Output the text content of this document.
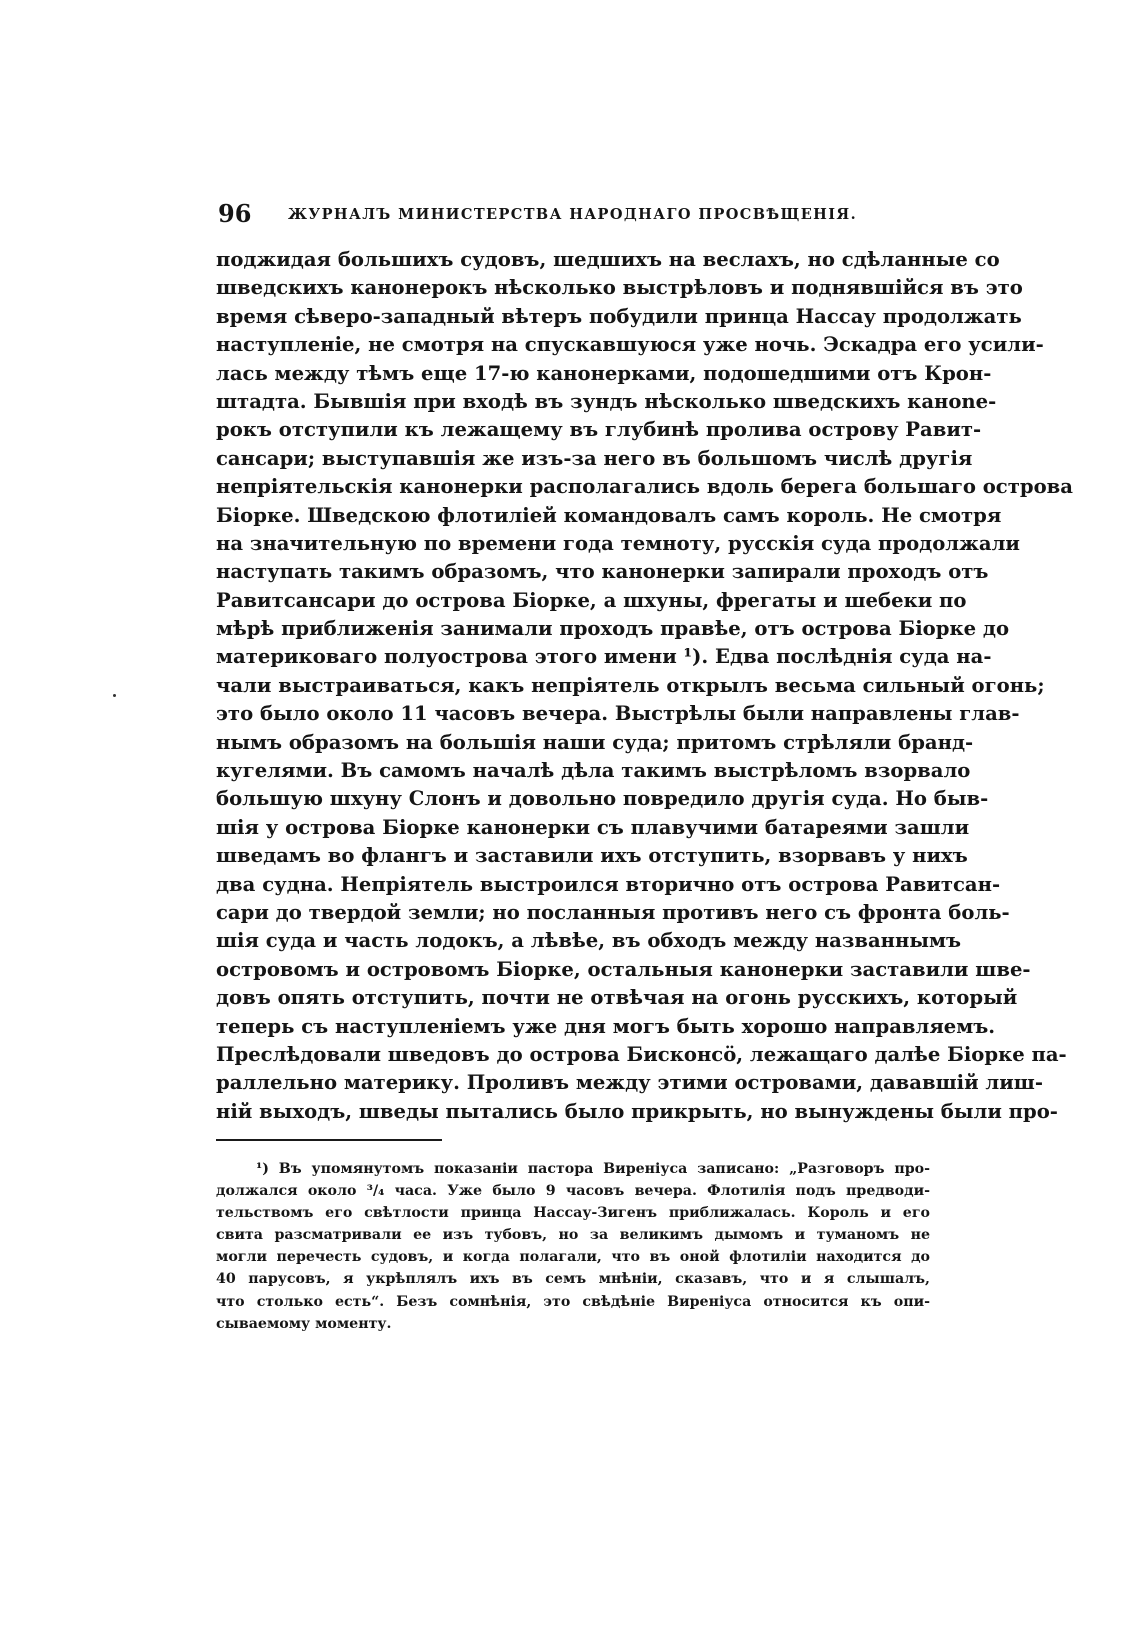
96	ЖУРНАЛЪ МИНИСТЕРСТВА НАРОДНАГО ПРОСВѢЩЕНІЯ.
поджидая большихъ судовъ, шедшихъ на веслахъ, но сдѣланные со
шведскихъ канонерокъ нѣсколько выстрѣловъ и поднявшійся въ это
время сѣверо-западный вѣтеръ побудили принца Нассау продолжать
наступленіе, не смотря на спускавшуюся уже ночь. Эскадра его усили-
лась между тѣмъ еще 17-ю канонерками, подошедшими отъ Крон-
штадта. Бывшія при входѣ въ зундъ нѣсколько шведскихъ канone-
рокъ отступили къ лежащему въ глубинѣ пролива острову Равит-
сансари; выступавшія же изъ-за него въ большомъ числѣ другія
непріятельскія канонерки располагались вдоль берега большаго острова
Біорке. Шведскою флотиліей командовалъ самъ король. Не смотря
на значительную по времени года темноту, русскія суда продолжали
наступать такимъ образомъ, что канонерки запирали проходъ отъ
Равитсансари до острова Біорке, а шхуны, фрегаты и шебеки по
мѣрѣ приближенія занимали проходъ правѣе, отъ острова Біорке до
материковаго полуострова этого имени ¹). Едва послѣднія суда на-
чали выстраиваться, какъ непріятель открылъ весьма сильный огонь;
это было около 11 часовъ вечера. Выстрѣлы были направлены глав-
нымъ образомъ на большія наши суда; притомъ стрѣляли бранд-
кугелями. Въ самомъ началѣ дѣла такимъ выстрѣломъ взорвало
большую шхуну Слонъ и довольно повредило другія суда. Но быв-
шія у острова Біорке канонерки съ плавучими батареями зашли
шведамъ во флангъ и заставили ихъ отступить, взорвавъ у нихъ
два судна. Непріятель выстроился вторично отъ острова Равитсан-
сари до твердой земли; но посланныя противъ него съ фронта боль-
шія суда и часть лодокъ, а лѣвѣе, въ обходъ между названнымъ
островомъ и островомъ Біорке, остальныя канонерки заставили шве-
довъ опять отступить, почти не отвѣчая на огонь русскихъ, который
теперь съ наступленіемъ уже дня могъ быть хорошо направляемъ.
Преслѣдовали шведовъ до острова Бисконсö, лежащаго далѣе Біорке па-
раллельно материку. Проливъ между этими островами, дававшій лиш-
ній выходъ, шведы пытались было прикрыть, но вынуждены были про-
¹) Въ упомянутомъ показаніи пастора Виреніуса записано: „Разговоръ про-
должался около ³/₄ часа. Уже было 9 часовъ вечера. Флотилія подъ предводи-
тельствомъ его свѣтлости принца Нассау-Зигенъ приближалась. Король и его
свита разсматривали ее изъ тубовъ, но за великимъ дымомъ и туманомъ не
могли перечесть судовъ, и когда полагали, что въ оной флотиліи находится до
40 парусовъ, я укрѣплялъ ихъ въ семъ мнѣніи, сказавъ, что и я слышалъ,
что столько есть“. Безъ сомнѣнія, это свѣдѣніе Виреніуса относится къ опи-
сываемому моменту.
